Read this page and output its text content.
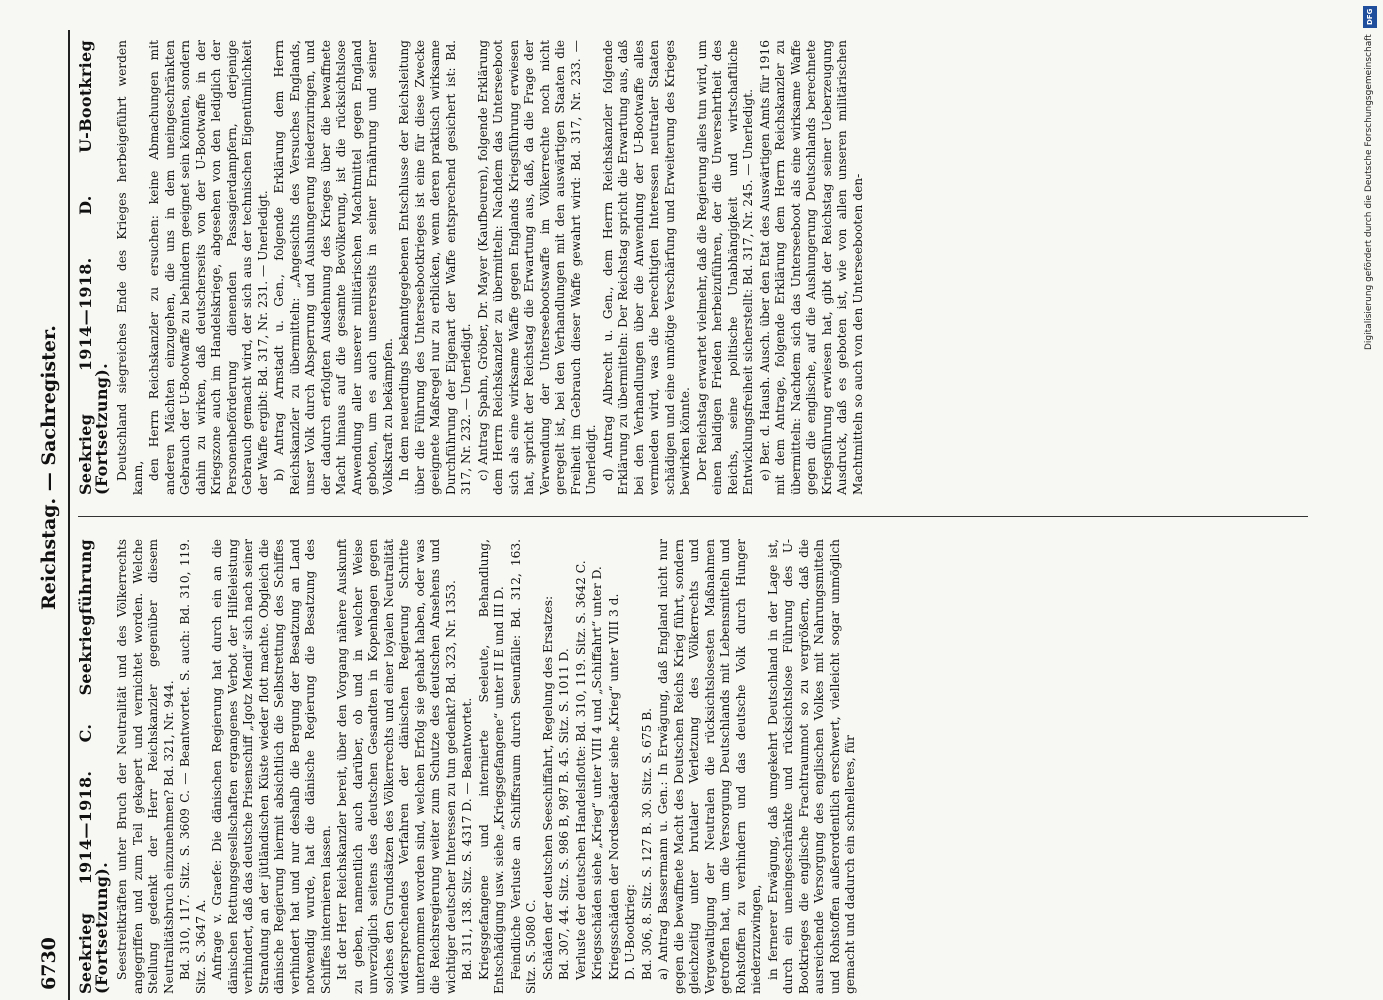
6730
Reichstag. — Sachregister.
Seekrieg 1914—1918. C. Seekriegführung (Fortsetzung). Seestreitkräften unter Bruch der Neutralität und des Völkerrechts angegriffen und zum Teil gekapert und vernichtet worden. Welche Stellung gedenkt der Herr Reichskanzler gegenüber diesem Neutralitätsbruch einzunehmen? Bd. 321, Nr. 944. Bd. 310, 117. Sitz. S. 3609 C. — Beantwortet. S. auch: Bd. 310, 119. Sitz. S. 3647 A. Anfrage v. Graefe: Die dänischen Regierung hat durch ein an die dänischen Rettungsgesellschaften ergangenes Verbot der Hilfeleistung verhindert, daß das deutsche Prisenschiff „Igotz Mendi“ sich nach seiner Strandung an der jütländischen Küste wieder flott machte. Obgleich die dänische Regierung hiermit absichtlich die Selbstrettung des Schiffes verhindert hat und nur deshalb die Bergung der Besatzung an Land notwendig wurde, hat die dänische Regierung die Besatzung des Schiffes internieren lassen. Ist der Herr Reichskanzler bereit, über den Vorgang nähere Auskunft zu geben, namentlich auch darüber, ob und in welcher Weise unverzüglich seitens des deutschen Gesandten in Kopenhagen gegen solches den Grundsätzen des Völkerrechts und einer loyalen Neutralität widersprechendes Verfahren der dänischen Regierung Schritte unternommen worden sind, welchen Erfolg sie gehabt haben, oder was die Reichsregierung weiter zum Schutze des deutschen Ansehens und wichtiger deutscher Interessen zu tun gedenkt? Bd. 323, Nr. 1353. Bd. 311, 138. Sitz. S. 4317 D. — Beantwortet. Kriegsgefangene und internierte Seeleute, Behandlung, Entschädigung usw. siehe „Kriegsgefangene“ unter II E und III D. Feindliche Verluste an Schiffsraum durch Seeunfälle: Bd. 312, 163. Sitz. S. 5080 C. Schäden der deutschen Seeschiffahrt, Regelung des Ersatzes: Bd. 307, 44. Sitz. S. 986 B, 987 B. 45. Sitz. S. 1011 D. Verluste der deutschen Handelsflotte: Bd. 310, 119. Sitz. S. 3642 C. Kriegsschäden siehe „Krieg“ unter VIII 4 und „Schiffahrt“ unter D. Kriegsschäden der Nordseebäder siehe „Krieg“ unter VIII 3 d. D. U-Bootkrieg: Bd. 306, 8. Sitz. S. 127 B. 30. Sitz. S. 675 B. a) Antrag Bassermann u. Gen.: In Erwägung, daß England nicht nur gegen die bewaffnete Macht des Deutschen Reichs Krieg führt, sondern gleichzeitig unter brutaler Verletzung des Völkerrechts und Vergewaltigung der Neutralen die rücksichtslosesten Maßnahmen getroffen hat, um die Versorgung Deutschlands mit Lebensmitteln und Rohstoffen zu verhindern und das deutsche Volk durch Hunger niederzuzwingen, in fernerer Erwägung, daß umgekehrt Deutschland in der Lage ist, durch ein uneingeschränkte und rücksichtslose Führung des U-Bootkrieges die englische Frachtraumnot so zu vergrößern, daß die ausreichende Versorgung des englischen Volkes mit Nahrungsmitteln und Rohstoffen außerordentlich erschwert, vielleicht sogar unmöglich gemacht und dadurch ein schnelleres, für

Seekrieg 1914—1918. D. U-Bootkrieg (Fortsetzung). Deutschland siegreiches Ende des Krieges herbeigeführt werden kann, den Herrn Reichskanzler zu ersuchen: keine Abmachungen mit anderen Mächten einzugehen, die uns in dem uneingeschränkten Gebrauch der U-Bootwaffe zu behindern geeignet sein könnten, sondern dahin zu wirken, daß deutscherseits von der U-Bootwaffe in der Kriegszone auch im Handelskriege, abgesehen von den lediglich der Personenbeförderung dienenden Passagierdampfern, derjenige Gebrauch gemacht wird, der sich aus der technischen Eigentümlichkeit der Waffe ergibt: Bd. 317, Nr. 231. — Unerledigt. b) Antrag Arnstadt u. Gen., folgende Erklärung dem Herrn Reichskanzler zu übermitteln: „Angesichts des Versuches Englands, unser Volk durch Absperrung und Aushungerung niederzuringen, und der dadurch erfolgten Ausdehnung des Krieges über die bewaffnete Macht hinaus auf die gesamte Bevölkerung, ist die rücksichtslose Anwendung aller unserer militärischen Machtmittel gegen England geboten, um es auch unsererseits in seiner Ernährung und seiner Volkskraft zu bekämpfen. In dem neuerdings bekanntgegebenen Entschlusse der Reichsleitung über die Führung des Unterseebootkrieges ist eine für diese Zwecke geeignete Maßregel nur zu erblicken, wenn deren praktisch wirksame Durchführung der Eigenart der Waffe entsprechend gesichert ist: Bd. 317, Nr. 232. — Unerledigt. c) Antrag Spahn, Gröber, Dr. Mayer (Kaufbeuren), folgende Erklärung dem Herrn Reichskanzler zu übermitteln: Nachdem das Unterseeboot sich als eine wirksame Waffe gegen Englands Kriegsführung erwiesen hat, spricht der Reichstag die Erwartung aus, daß, da die Frage der Verwendung der Unterseebootswaffe im Völkerrechte noch nicht geregelt ist, bei den Verhandlungen mit den auswärtigen Staaten die Freiheit im Gebrauch dieser Waffe gewahrt wird: Bd. 317, Nr. 233. — Unerledigt. d) Antrag Albrecht u. Gen., dem Herrn Reichskanzler folgende Erklärung zu übermitteln: Der Reichstag spricht die Erwartung aus, daß bei den Verhandlungen über die Anwendung der U-Bootwaffe alles vermieden wird, was die berechtigten Interessen neutraler Staaten schädigen und eine unnötige Verschärfung und Erweiterung des Krieges bewirken könnte. Der Reichstag erwartet vielmehr, daß die Regierung alles tun wird, um einen baldigen Frieden herbeizuführen, der die Unversehrtheit des Reichs, seine politische Unabhängigkeit und wirtschaftliche Entwicklungsfreiheit sicherstellt: Bd. 317, Nr. 245. — Unerledigt. e) Ber. d. Haush. Ausch. über den Etat des Auswärtigen Amts für 1916 mit dem Antrage, folgende Erklärung dem Herrn Reichskanzler zu übermitteln: Nachdem sich das Unterseeboot als eine wirksame Waffe gegen die englische, auf die Aushungerung Deutschlands berechnete Kriegsführung erwiesen hat, gibt der Reichstag seiner Ueberzeugung Ausdruck, daß es geboten ist, wie von allen unseren militärischen Machtmitteln so auch von den Unterseebooten den-

DFG
Digitalisierung gefördert durch die Deutsche Forschungsgemeinschaft
